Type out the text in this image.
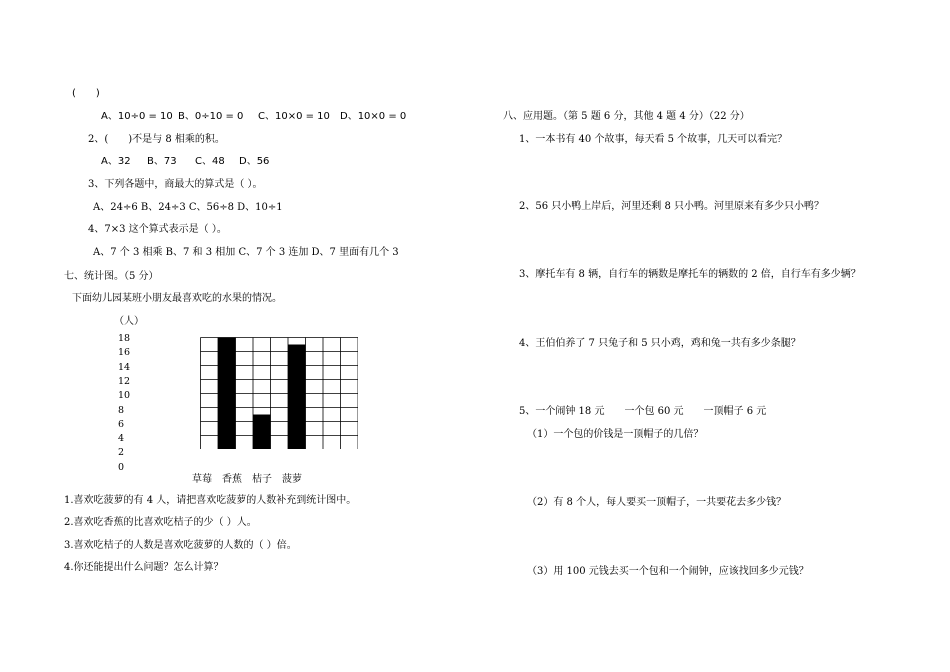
(　　)
A、10÷0 = 10 B、0÷10 = 0 C、10×0 = 10 D、10×0 = 0
2、(　　)不是与 8 相乘的积。
A、32 B、73 C、48 D、56
3、下列各题中，商最大的算式是（ ）。
A、24÷6 B、24÷3 C、56÷8 D、10÷1
4、7×3 这个算式表示是（ ）。
A、7 个 3 相乘 B、7 和 3 相加 C、7 个 3 连加 D、7 里面有几个 3
七、统计图。（5 分）
下面幼儿园某班小朋友最喜欢吃的水果的情况。
（人）
18
16
14
12
10
8
6
4
2
0
草莓　香蕉　桔子　菠萝
1.喜欢吃菠萝的有 4 人，请把喜欢吃菠萝的人数补充到统计图中。
2.喜欢吃香蕉的比喜欢吃桔子的少（ ）人。
3.喜欢吃桔子的人数是喜欢吃菠萝的人数的（ ）倍。
4.你还能提出什么问题？怎么计算？
八、应用题。（第 5 题 6 分，其他 4 题 4 分）（22 分）
1、一本书有 40 个故事，每天看 5 个故事，几天可以看完？
2、56 只小鸭上岸后，河里还剩 8 只小鸭。河里原来有多少只小鸭？
3、摩托车有 8 辆，自行车的辆数是摩托车的辆数的 2 倍，自行车有多少辆？
4、王伯伯养了 7 只兔子和 5 只小鸡，鸡和兔一共有多少条腿？
5、一个闹钟 18 元　　一个包 60 元　　一顶帽子 6 元
（1）一个包的价钱是一顶帽子的几倍？
（2）有 8 个人，每人要买一顶帽子，一共要花去多少钱？
（3）用 100 元钱去买一个包和一个闹钟，应该找回多少元钱？
